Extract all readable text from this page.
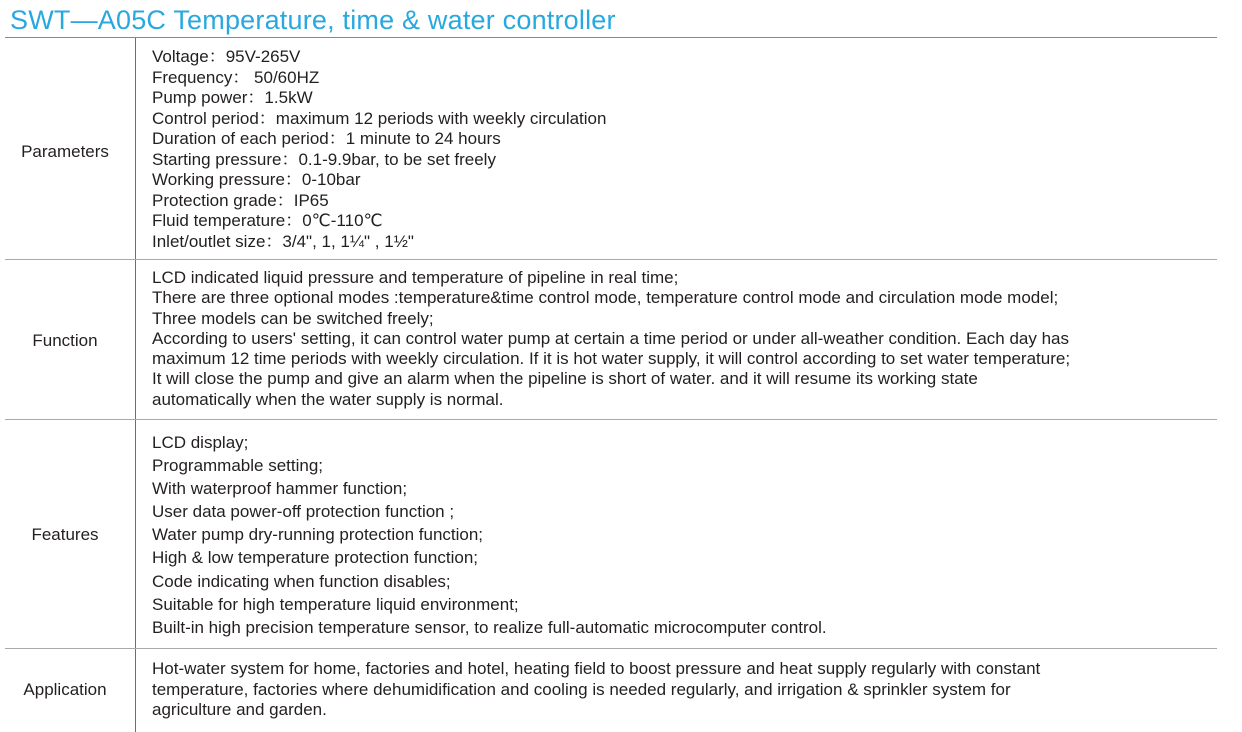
SWT—A05C Temperature, time & water controller
Parameters
Voltage：95V-265V
Frequency： 50/60HZ
Pump power：1.5kW
Control period：maximum 12 periods with weekly circulation
Duration of each period：1 minute to 24 hours
Starting pressure：0.1-9.9bar, to be set freely
Working pressure：0-10bar
Protection grade：IP65
Fluid temperature：0℃-110℃
Inlet/outlet size：3/4", 1, 1¼" , 1½"
Function
LCD indicated liquid pressure and temperature of pipeline in real time;
There are three optional modes :temperature&time control mode, temperature control mode and circulation mode model;
Three models can be switched freely;
According to users' setting, it can control water pump at certain a time period or under all-weather condition. Each day has
maximum 12 time periods with weekly circulation. If it is hot water supply, it will control according to set water temperature;
It will close the pump and give an alarm when the pipeline is short of water. and it will resume its working state
automatically when the water supply is normal.
Features
LCD display;
Programmable setting;
With waterproof hammer function;
User data power-off protection function ;
Water pump dry-running protection function;
High & low temperature protection function;
Code indicating when function disables;
Suitable for high temperature liquid environment;
Built-in high precision temperature sensor, to realize full-automatic microcomputer control.
Application
Hot-water system for home, factories and hotel, heating field to boost pressure and heat supply regularly with constant
temperature, factories where dehumidification and cooling is needed regularly, and irrigation & sprinkler system for
agriculture and garden.
